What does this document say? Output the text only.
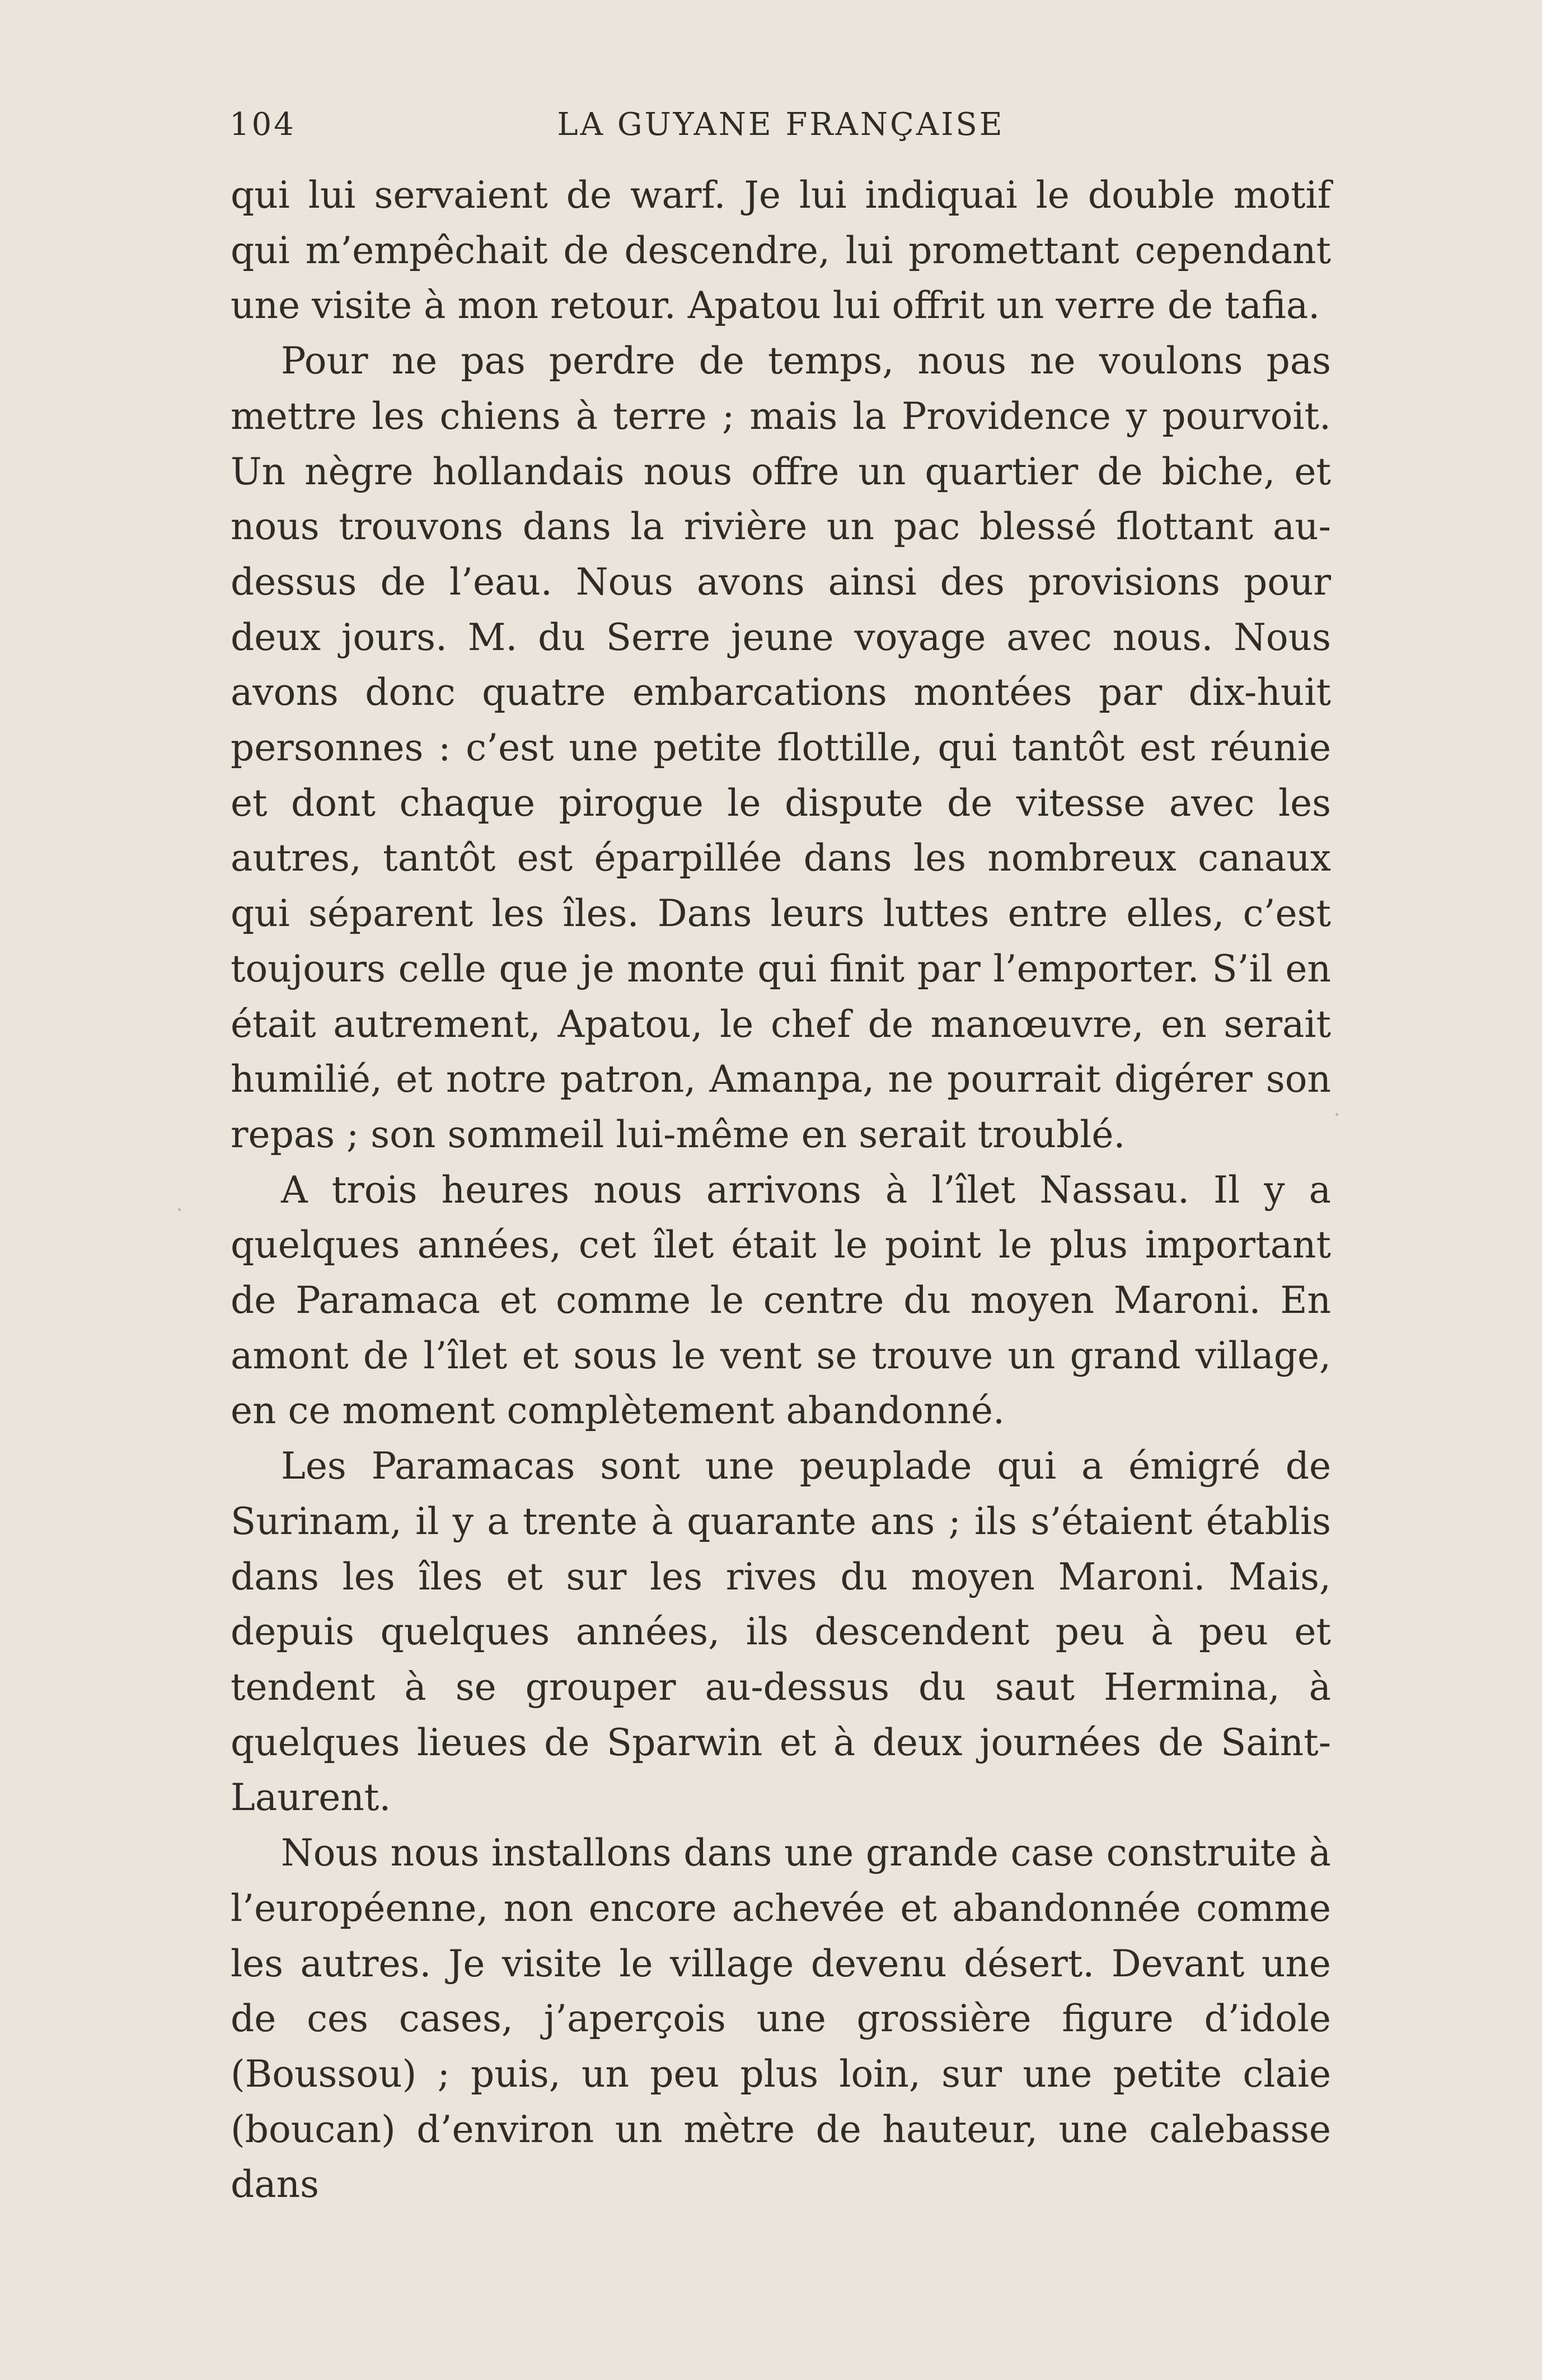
104	LA GUYANE FRANÇAISE

qui lui servaient de warf. Je lui indiquai le double motif qui m’empêchait de descendre, lui promettant cependant une visite à mon retour. Apatou lui offrit un verre de tafia.

Pour ne pas perdre de temps, nous ne voulons pas mettre les chiens à terre ; mais la Providence y pourvoit. Un nègre hollandais nous offre un quartier de biche, et nous trouvons dans la rivière un pac blessé flottant au-dessus de l’eau. Nous avons ainsi des provisions pour deux jours. M. du Serre jeune voyage avec nous. Nous avons donc quatre embarcations montées par dix-huit personnes : c’est une petite flottille, qui tantôt est réunie et dont chaque pirogue le dispute de vitesse avec les autres, tantôt est éparpillée dans les nombreux canaux qui séparent les îles. Dans leurs luttes entre elles, c’est toujours celle que je monte qui finit par l’emporter. S’il en était autrement, Apatou, le chef de manœuvre, en serait humilié, et notre patron, Amanpa, ne pourrait digérer son repas ; son sommeil lui-même en serait troublé.

A trois heures nous arrivons à l’îlet Nassau. Il y a quelques années, cet îlet était le point le plus important de Paramaca et comme le centre du moyen Maroni. En amont de l’îlet et sous le vent se trouve un grand village, en ce moment complètement abandonné.

Les Paramacas sont une peuplade qui a émigré de Surinam, il y a trente à quarante ans ; ils s’étaient établis dans les îles et sur les rives du moyen Maroni. Mais, depuis quelques années, ils descendent peu à peu et tendent à se grouper au-dessus du saut Hermina, à quelques lieues de Sparwin et à deux journées de Saint-Laurent.

Nous nous installons dans une grande case construite à l’européenne, non encore achevée et abandonnée comme les autres. Je visite le village devenu désert. Devant une de ces cases, j’aperçois une grossière figure d’idole (Boussou) ; puis, un peu plus loin, sur une petite claie (boucan) d’environ un mètre de hauteur, une calebasse dans
